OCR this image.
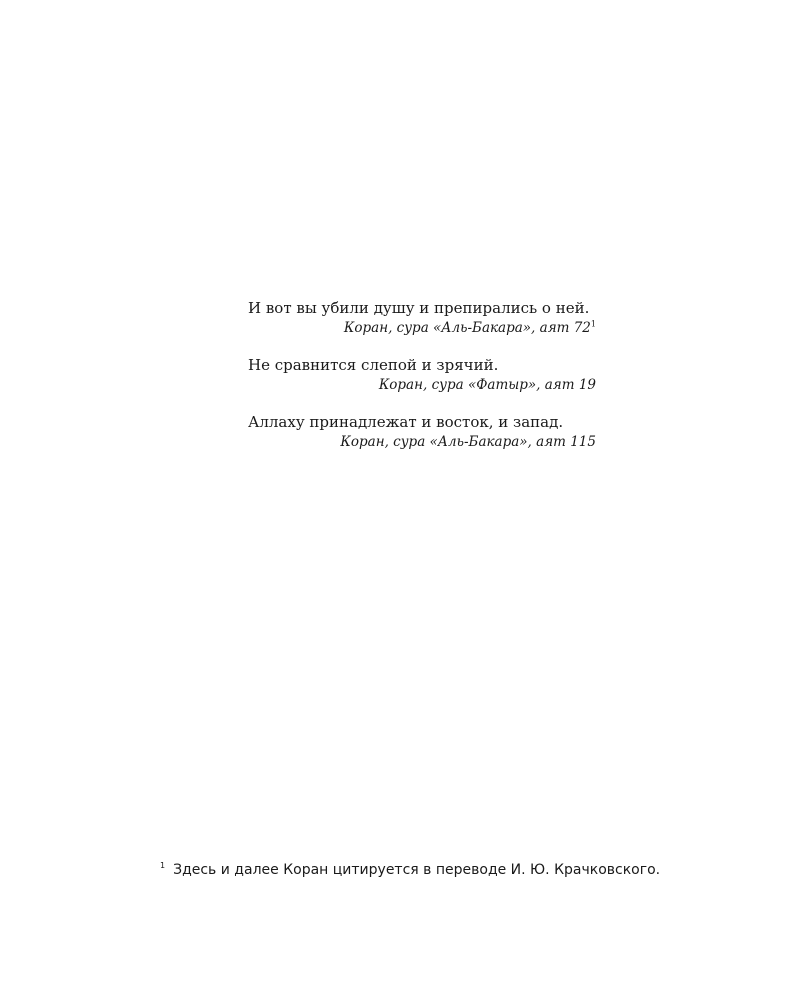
И вот вы убили душу и препирались о ней.
Коран, сура «Аль-Бакара», аят $72^1$
Не сравнится слепой и зрячий.
Коран, сура «Фатыр», аят 19
Аллаху принадлежат и восток, и запад.
Коран, сура «Аль-Бакара», аят 115
$^1$ Здесь и далее Коран цитируется в переводе И. Ю. Крачковского.
